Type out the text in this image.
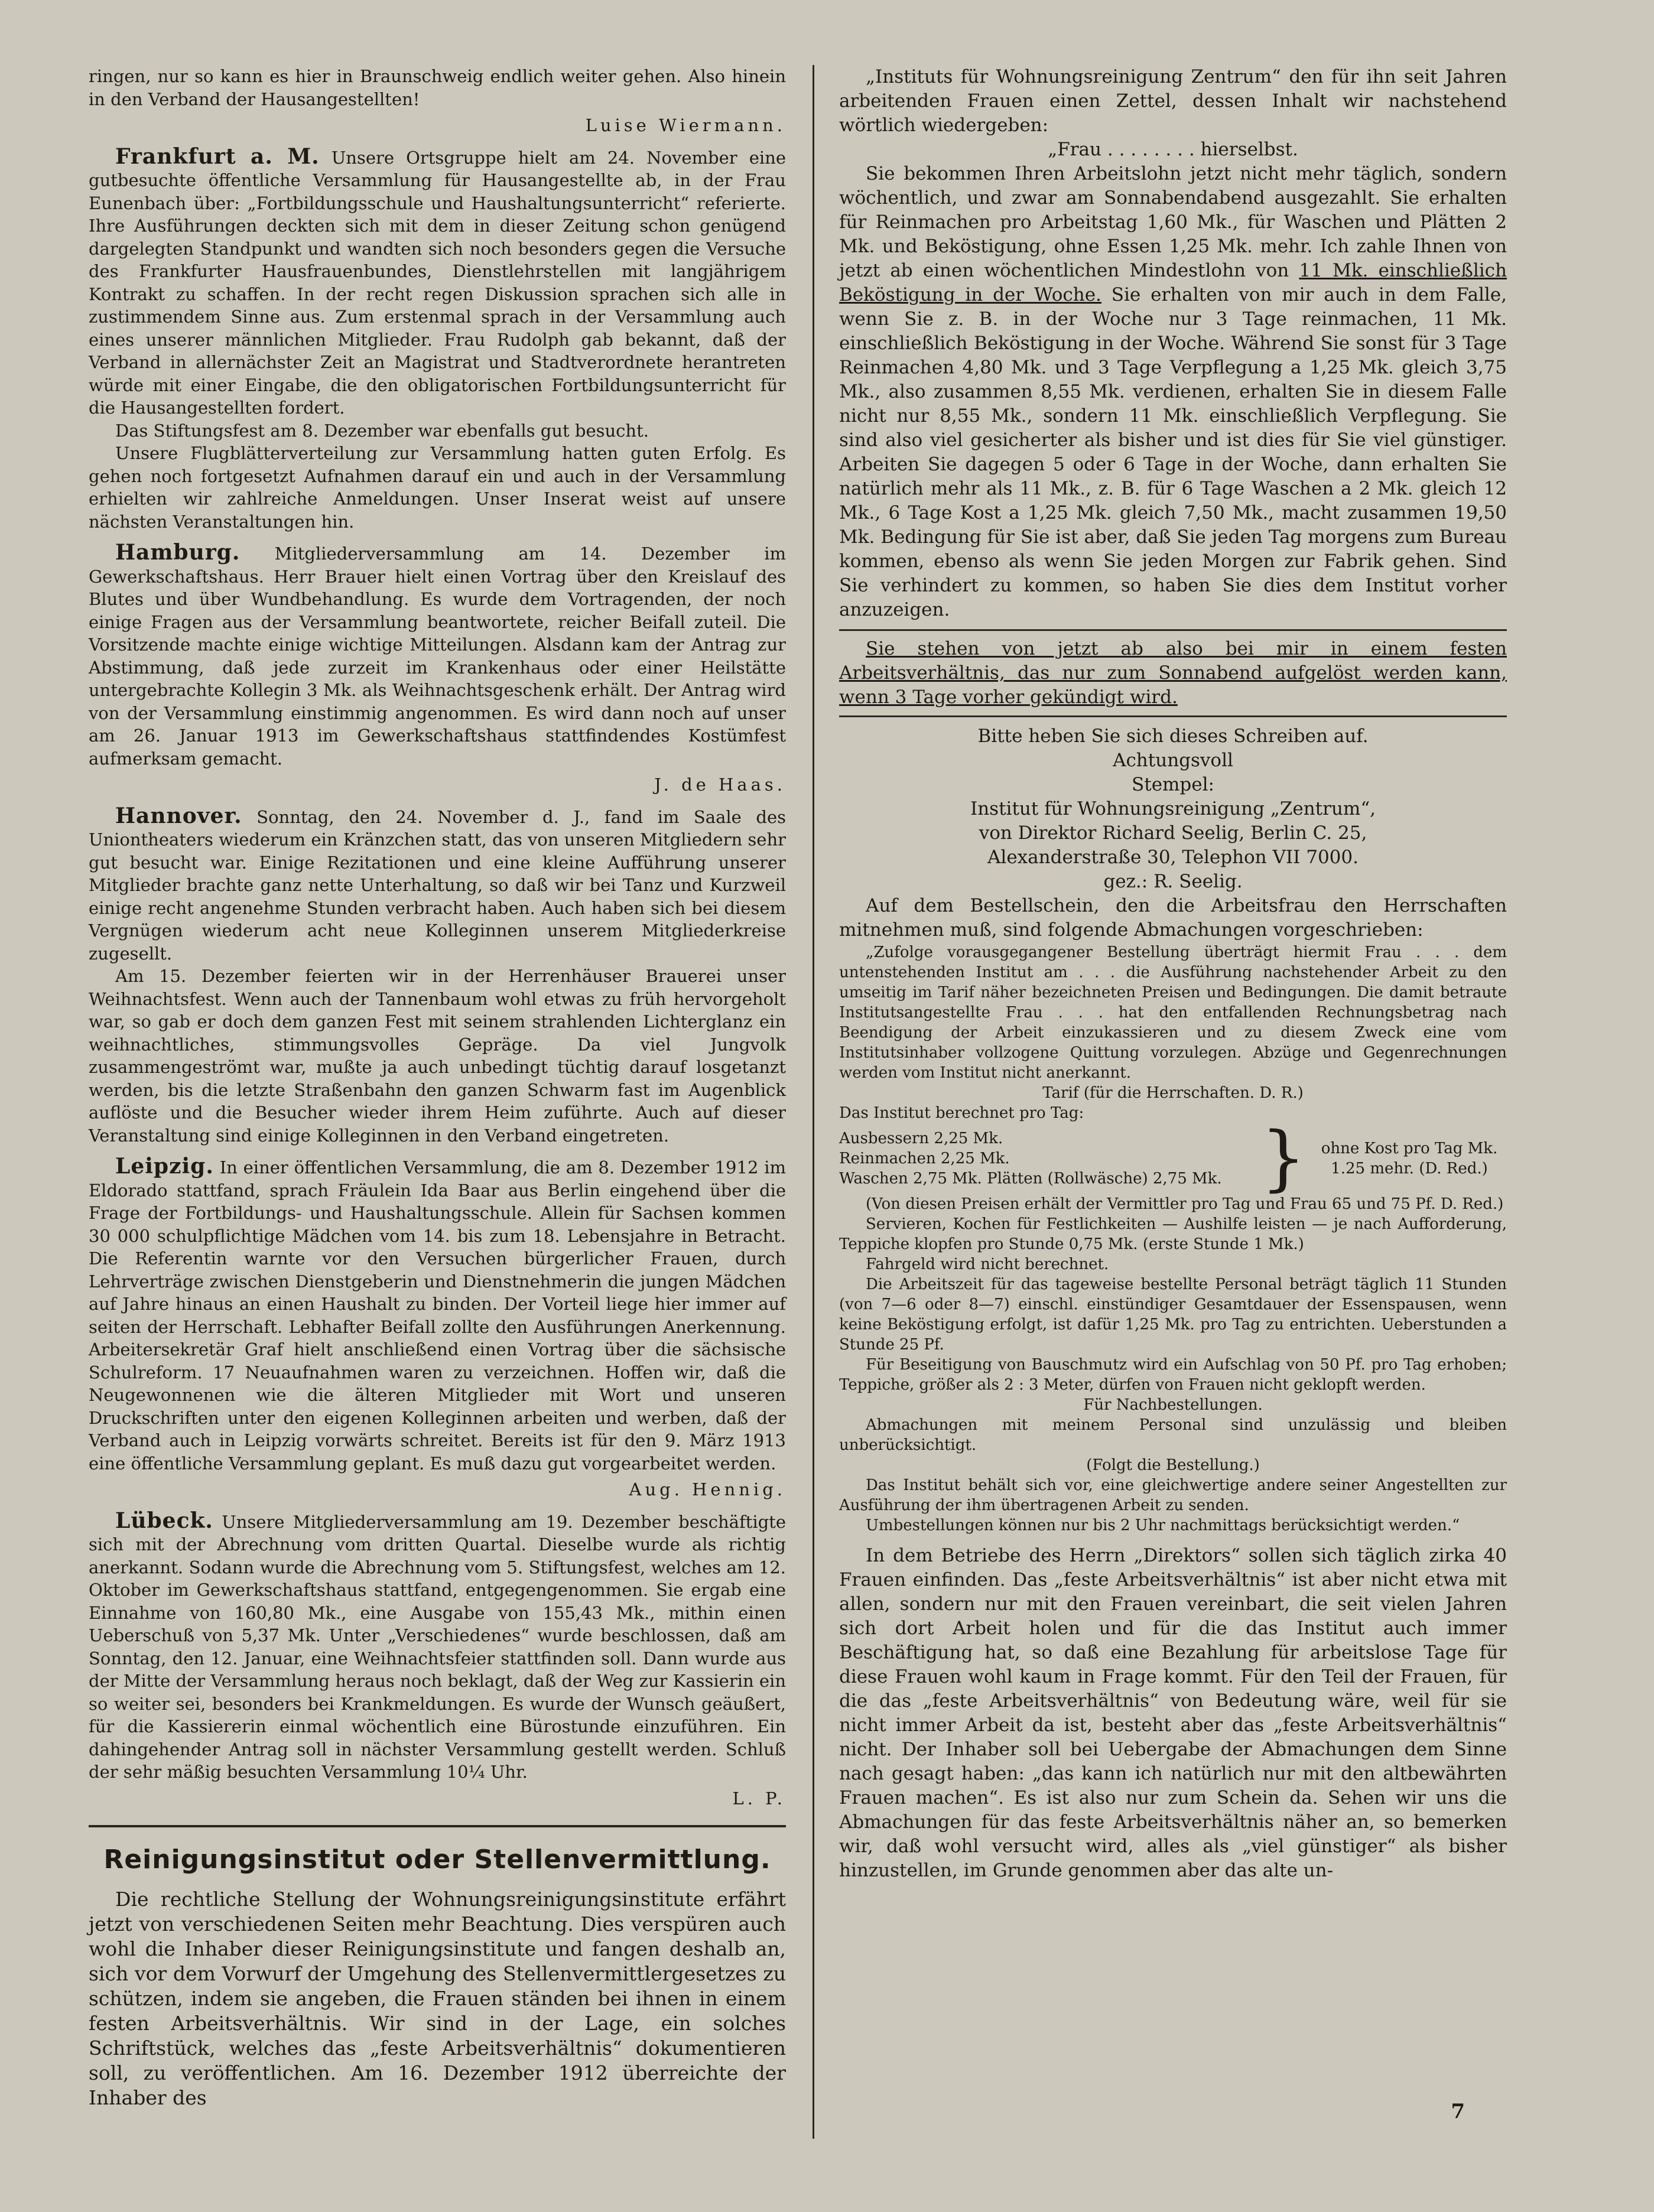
ringen, nur so kann es hier in Braunschweig endlich weiter gehen. Also hinein in den Verband der Hausangestellten!

Luise Wiermann.

Frankfurt a. M. Unsere Ortsgruppe hielt am 24. November eine gutbesuchte öffentliche Versammlung für Hausangestellte ab, in der Frau Eunenbach über: „Fortbildungsschule und Haushaltungsunterricht“ referierte. Ihre Ausführungen deckten sich mit dem in dieser Zeitung schon genügend dargelegten Standpunkt und wandten sich noch besonders gegen die Versuche des Frankfurter Hausfrauenbundes, Dienstlehrstellen mit langjährigem Kontrakt zu schaffen. In der recht regen Diskussion sprachen sich alle in zustimmendem Sinne aus. Zum erstenmal sprach in der Versammlung auch eines unserer männlichen Mitglieder. Frau Rudolph gab bekannt, daß der Verband in allernächster Zeit an Magistrat und Stadtverordnete herantreten würde mit einer Eingabe, die den obligatorischen Fortbildungsunterricht für die Hausangestellten fordert.

Das Stiftungsfest am 8. Dezember war ebenfalls gut besucht.

Unsere Flugblätterverteilung zur Versammlung hatten guten Erfolg. Es gehen noch fortgesetzt Aufnahmen darauf ein und auch in der Versammlung erhielten wir zahlreiche Anmeldungen. Unser Inserat weist auf unsere nächsten Veranstaltungen hin.

Hamburg. Mitgliederversammlung am 14. Dezember im Gewerkschaftshaus. Herr Brauer hielt einen Vortrag über den Kreislauf des Blutes und über Wundbehandlung. Es wurde dem Vortragenden, der noch einige Fragen aus der Versammlung beantwortete, reicher Beifall zuteil. Die Vorsitzende machte einige wichtige Mitteilungen. Alsdann kam der Antrag zur Abstimmung, daß jede zurzeit im Krankenhaus oder einer Heilstätte untergebrachte Kollegin 3 Mk. als Weihnachtsgeschenk erhält. Der Antrag wird von der Versammlung einstimmig angenommen. Es wird dann noch auf unser am 26. Januar 1913 im Gewerkschaftshaus stattfindendes Kostümfest aufmerksam gemacht.

J. de Haas.

Hannover. Sonntag, den 24. November d. J., fand im Saale des Uniontheaters wiederum ein Kränzchen statt, das von unseren Mitgliedern sehr gut besucht war. Einige Rezitationen und eine kleine Aufführung unserer Mitglieder brachte ganz nette Unterhaltung, so daß wir bei Tanz und Kurzweil einige recht angenehme Stunden verbracht haben. Auch haben sich bei diesem Vergnügen wiederum acht neue Kolleginnen unserem Mitgliederkreise zugesellt.

Am 15. Dezember feierten wir in der Herrenhäuser Brauerei unser Weihnachtsfest. Wenn auch der Tannenbaum wohl etwas zu früh hervorgeholt war, so gab er doch dem ganzen Fest mit seinem strahlenden Lichterglanz ein weihnachtliches, stimmungsvolles Gepräge. Da viel Jungvolk zusammengeströmt war, mußte ja auch unbedingt tüchtig darauf losgetanzt werden, bis die letzte Straßenbahn den ganzen Schwarm fast im Augenblick auflöste und die Besucher wieder ihrem Heim zuführte. Auch auf dieser Veranstaltung sind einige Kolleginnen in den Verband eingetreten.

Leipzig. In einer öffentlichen Versammlung, die am 8. Dezember 1912 im Eldorado stattfand, sprach Fräulein Ida Baar aus Berlin eingehend über die Frage der Fortbildungs- und Haushaltungsschule. Allein für Sachsen kommen 30 000 schulpflichtige Mädchen vom 14. bis zum 18. Lebensjahre in Betracht. Die Referentin warnte vor den Versuchen bürgerlicher Frauen, durch Lehrverträge zwischen Dienstgeberin und Dienstnehmerin die jungen Mädchen auf Jahre hinaus an einen Haushalt zu binden. Der Vorteil liege hier immer auf seiten der Herrschaft. Lebhafter Beifall zollte den Ausführungen Anerkennung. Arbeitersekretär Graf hielt anschließend einen Vortrag über die sächsische Schulreform. 17 Neuaufnahmen waren zu verzeichnen. Hoffen wir, daß die Neugewonnenen wie die älteren Mitglieder mit Wort und unseren Druckschriften unter den eigenen Kolleginnen arbeiten und werben, daß der Verband auch in Leipzig vorwärts schreitet. Bereits ist für den 9. März 1913 eine öffentliche Versammlung geplant. Es muß dazu gut vorgearbeitet werden.

Aug. Hennig.

Lübeck. Unsere Mitgliederversammlung am 19. Dezember beschäftigte sich mit der Abrechnung vom dritten Quartal. Dieselbe wurde als richtig anerkannt. Sodann wurde die Abrechnung vom 5. Stiftungsfest, welches am 12. Oktober im Gewerkschaftshaus stattfand, entgegengenommen. Sie ergab eine Einnahme von 160,80 Mk., eine Ausgabe von 155,43 Mk., mithin einen Ueberschuß von 5,37 Mk. Unter „Verschiedenes“ wurde beschlossen, daß am Sonntag, den 12. Januar, eine Weihnachtsfeier stattfinden soll. Dann wurde aus der Mitte der Versammlung heraus noch beklagt, daß der Weg zur Kassierin ein so weiter sei, besonders bei Krankmeldungen. Es wurde der Wunsch geäußert, für die Kassiererin einmal wöchentlich eine Bürostunde einzuführen. Ein dahingehender Antrag soll in nächster Versammlung gestellt werden. Schluß der sehr mäßig besuchten Versammlung 10¼ Uhr.

L. P.

Reinigungsinstitut oder Stellenvermittlung.

Die rechtliche Stellung der Wohnungsreinigungsinstitute erfährt jetzt von verschiedenen Seiten mehr Beachtung. Dies verspüren auch wohl die Inhaber dieser Reinigungsinstitute und fangen deshalb an, sich vor dem Vorwurf der Umgehung des Stellenvermittlergesetzes zu schützen, indem sie angeben, die Frauen ständen bei ihnen in einem festen Arbeitsverhältnis. Wir sind in der Lage, ein solches Schriftstück, welches das „feste Arbeitsverhältnis“ dokumentieren soll, zu veröffentlichen. Am 16. Dezember 1912 überreichte der Inhaber des

„Instituts für Wohnungsreinigung Zentrum“ den für ihn seit Jahren arbeitenden Frauen einen Zettel, dessen Inhalt wir nachstehend wörtlich wiedergeben:

„Frau . . . . . . . . hierselbst.

Sie bekommen Ihren Arbeitslohn jetzt nicht mehr täglich, sondern wöchentlich, und zwar am Sonnabendabend ausgezahlt. Sie erhalten für Reinmachen pro Arbeitstag 1,60 Mk., für Waschen und Plätten 2 Mk. und Beköstigung, ohne Essen 1,25 Mk. mehr. Ich zahle Ihnen von jetzt ab einen wöchentlichen Mindestlohn von 11 Mk. einschließlich Beköstigung in der Woche. Sie erhalten von mir auch in dem Falle, wenn Sie z. B. in der Woche nur 3 Tage reinmachen, 11 Mk. einschließlich Beköstigung in der Woche. Während Sie sonst für 3 Tage Reinmachen 4,80 Mk. und 3 Tage Verpflegung a 1,25 Mk. gleich 3,75 Mk., also zusammen 8,55 Mk. verdienen, erhalten Sie in diesem Falle nicht nur 8,55 Mk., sondern 11 Mk. einschließlich Verpflegung. Sie sind also viel gesicherter als bisher und ist dies für Sie viel günstiger. Arbeiten Sie dagegen 5 oder 6 Tage in der Woche, dann erhalten Sie natürlich mehr als 11 Mk., z. B. für 6 Tage Waschen a 2 Mk. gleich 12 Mk., 6 Tage Kost a 1,25 Mk. gleich 7,50 Mk., macht zusammen 19,50 Mk. Bedingung für Sie ist aber, daß Sie jeden Tag morgens zum Bureau kommen, ebenso als wenn Sie jeden Morgen zur Fabrik gehen. Sind Sie verhindert zu kommen, so haben Sie dies dem Institut vorher anzuzeigen.

Sie stehen von jetzt ab also bei mir in einem festen Arbeitsverhältnis, das nur zum Sonnabend aufgelöst werden kann, wenn 3 Tage vorher gekündigt wird.

Bitte heben Sie sich dieses Schreiben auf.

Achtungsvoll

Stempel:

Institut für Wohnungsreinigung „Zentrum“,

von Direktor Richard Seelig, Berlin C. 25,

Alexanderstraße 30, Telephon VII 7000.

gez.: R. Seelig.

Auf dem Bestellschein, den die Arbeitsfrau den Herrschaften mitnehmen muß, sind folgende Abmachungen vorgeschrieben:

„Zufolge vorausgegangener Bestellung überträgt hiermit Frau . . . dem untenstehenden Institut am . . . die Ausführung nachstehender Arbeit zu den umseitig im Tarif näher bezeichneten Preisen und Bedingungen. Die damit betraute Institutsangestellte Frau . . . hat den entfallenden Rechnungsbetrag nach Beendigung der Arbeit einzukassieren und zu diesem Zweck eine vom Institutsinhaber vollzogene Quittung vorzulegen. Abzüge und Gegenrechnungen werden vom Institut nicht anerkannt.

Tarif (für die Herrschaften. D. R.)

Das Institut berechnet pro Tag:

Ausbessern 2,25 Mk.
Reinmachen 2,25 Mk.
Waschen 2,75 Mk. Plätten (Rollwäsche) 2,75 Mk. } ohne Kost pro Tag Mk. 1.25 mehr. (D. Red.)

(Von diesen Preisen erhält der Vermittler pro Tag und Frau 65 und 75 Pf. D. Red.)

Servieren, Kochen für Festlichkeiten — Aushilfe leisten — je nach Aufforderung, Teppiche klopfen pro Stunde 0,75 Mk. (erste Stunde 1 Mk.)

Fahrgeld wird nicht berechnet.

Die Arbeitszeit für das tageweise bestellte Personal beträgt täglich 11 Stunden (von 7—6 oder 8—7) einschl. einstündiger Gesamtdauer der Essenspausen, wenn keine Beköstigung erfolgt, ist dafür 1,25 Mk. pro Tag zu entrichten. Ueberstunden a Stunde 25 Pf.

Für Beseitigung von Bauschmutz wird ein Aufschlag von 50 Pf. pro Tag erhoben; Teppiche, größer als 2 : 3 Meter, dürfen von Frauen nicht geklopft werden.

Für Nachbestellungen.

Abmachungen mit meinem Personal sind unzulässig und bleiben unberücksichtigt.

(Folgt die Bestellung.)

Das Institut behält sich vor, eine gleichwertige andere seiner Angestellten zur Ausführung der ihm übertragenen Arbeit zu senden.

Umbestellungen können nur bis 2 Uhr nachmittags berücksichtigt werden.“

In dem Betriebe des Herrn „Direktors“ sollen sich täglich zirka 40 Frauen einfinden. Das „feste Arbeitsverhältnis“ ist aber nicht etwa mit allen, sondern nur mit den Frauen vereinbart, die seit vielen Jahren sich dort Arbeit holen und für die das Institut auch immer Beschäftigung hat, so daß eine Bezahlung für arbeitslose Tage für diese Frauen wohl kaum in Frage kommt. Für den Teil der Frauen, für die das „feste Arbeitsverhältnis“ von Bedeutung wäre, weil für sie nicht immer Arbeit da ist, besteht aber das „feste Arbeitsverhältnis“ nicht. Der Inhaber soll bei Uebergabe der Abmachungen dem Sinne nach gesagt haben: „das kann ich natürlich nur mit den altbewährten Frauen machen“. Es ist also nur zum Schein da. Sehen wir uns die Abmachungen für das feste Arbeitsverhältnis näher an, so bemerken wir, daß wohl versucht wird, alles als „viel günstiger“ als bisher hinzustellen, im Grunde genommen aber das alte un-

7
